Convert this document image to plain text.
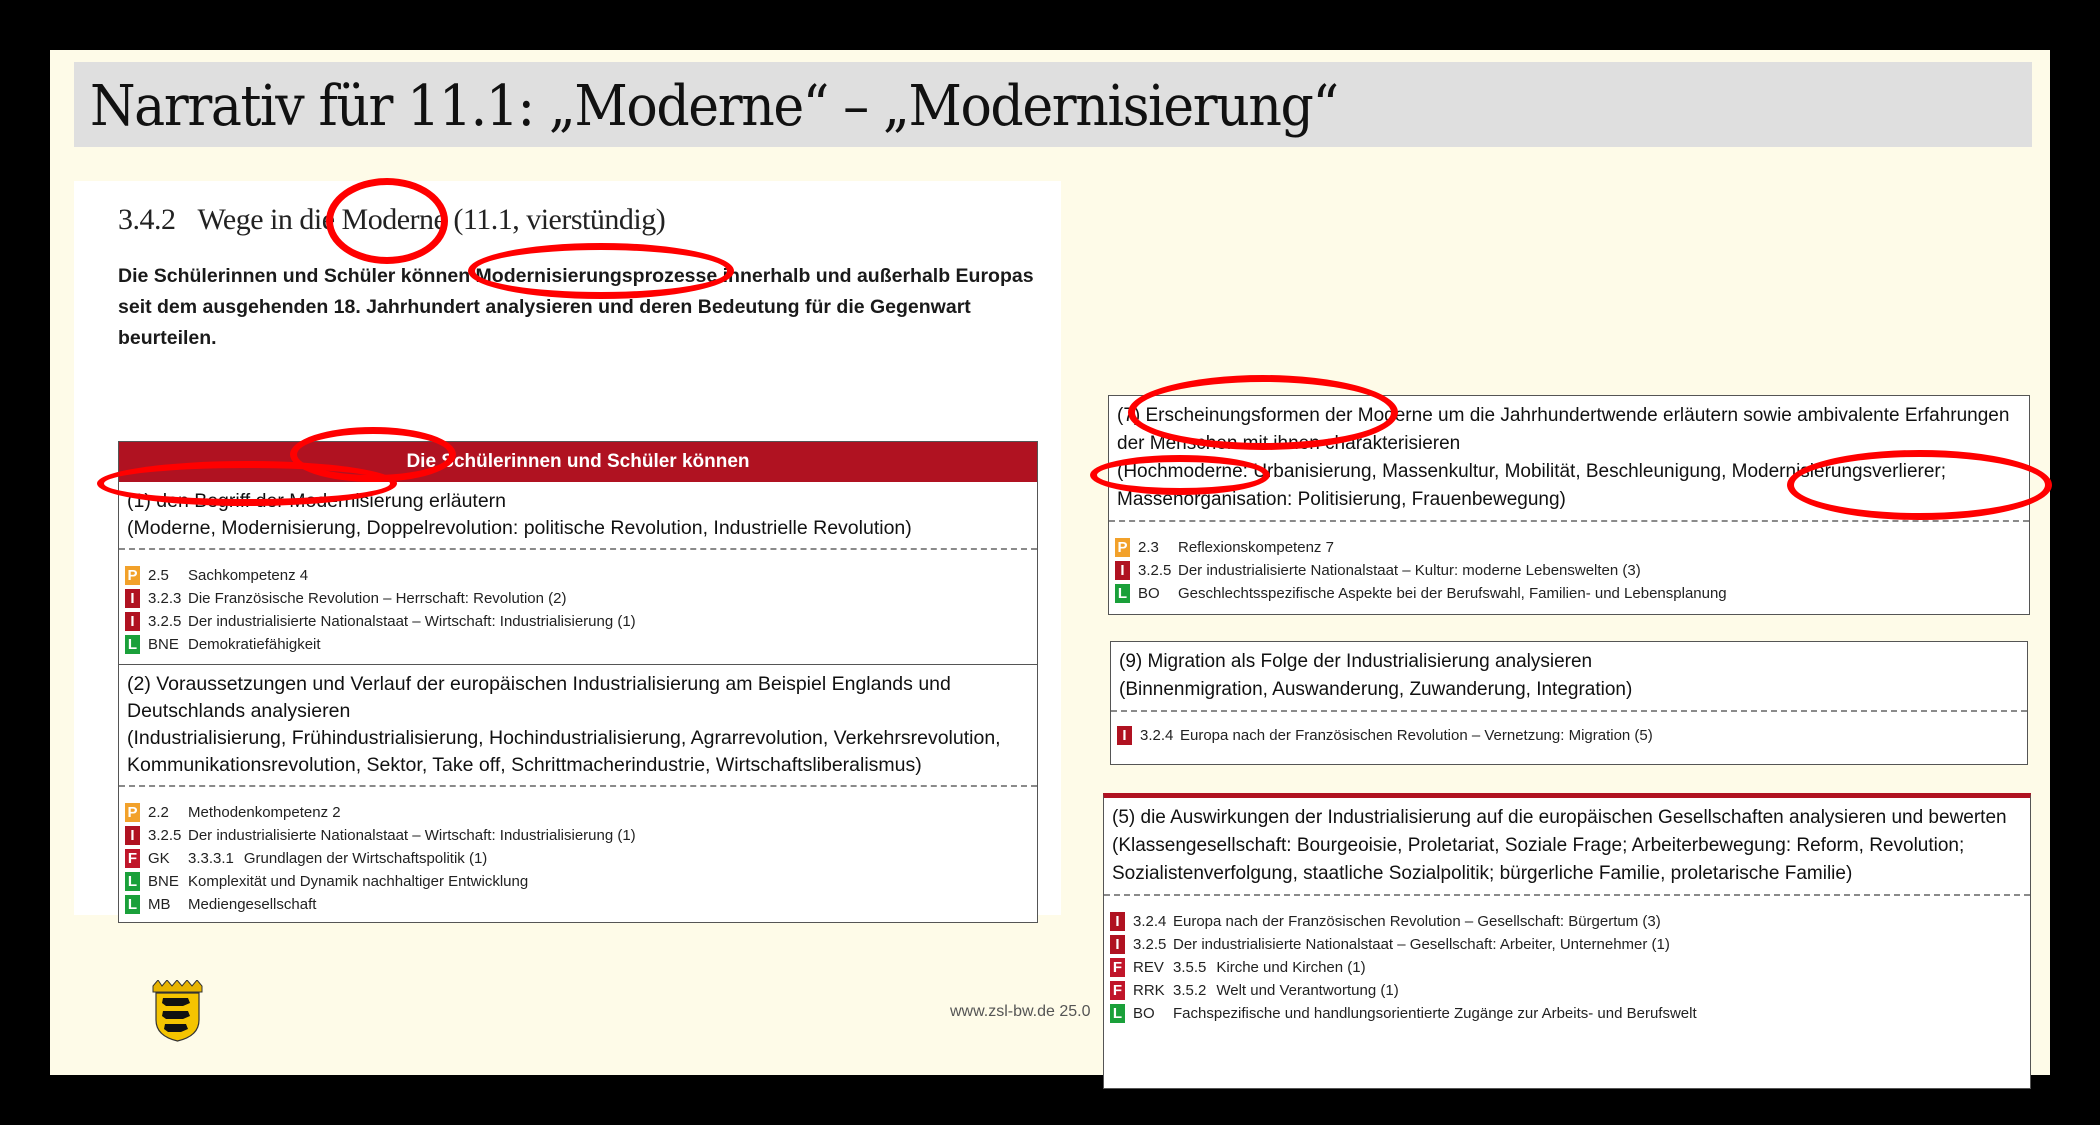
Narrativ für 11.1: „Moderne“ – „Modernisierung“
3.4.2 Wege in die Moderne (11.1, vierstündig)
Die Schülerinnen und Schüler können Modernisierungsprozesse innerhalb und außerhalb Europas seit dem ausgehenden 18. Jahrhundert analysieren und deren Bedeutung für die Gegenwart beurteilen.
Die Schülerinnen und Schüler können
(1) den Begriff der Modernisierung erläutern
(Moderne, Modernisierung, Doppelrevolution: politische Revolution, Industrielle Revolution)
P 2.5	Sachkompetenz 4
I 3.2.3 Die Französische Revolution – Herrschaft: Revolution (2)
I 3.2.5 Der industrialisierte Nationalstaat – Wirtschaft: Industrialisierung (1)
L BNE Demokratiefähigkeit
(2) Voraussetzungen und Verlauf der europäischen Industrialisierung am Beispiel Englands und Deutschlands analysieren
(Industrialisierung, Frühindustrialisierung, Hochindustrialisierung, Agrarrevolution, Verkehrsrevolution, Kommunikationsrevolution, Sektor, Take off, Schrittmacherindustrie, Wirtschaftsliberalismus)
P 2.2	Methodenkompetenz 2
I 3.2.5 Der industrialisierte Nationalstaat – Wirtschaft: Industrialisierung (1)
F GK	3.3.3.1 Grundlagen der Wirtschaftspolitik (1)
L BNE Komplexität und Dynamik nachhaltiger Entwicklung
L MB	Mediengesellschaft
(7) Erscheinungsformen der Moderne um die Jahrhundertwende erläutern sowie ambivalente Erfahrungen der Menschen mit ihnen charakterisieren
(Hochmoderne: Urbanisierung, Massenkultur, Mobilität, Beschleunigung, Modernisierungsverlierer; Massenorganisation: Politisierung, Frauenbewegung)
P 2.3	Reflexionskompetenz 7
I 3.2.5 Der industrialisierte Nationalstaat – Kultur: moderne Lebenswelten (3)
L BO	Geschlechtsspezifische Aspekte bei der Berufswahl, Familien- und Lebensplanung
(9) Migration als Folge der Industrialisierung analysieren
(Binnenmigration, Auswanderung, Zuwanderung, Integration)
I 3.2.4 Europa nach der Französischen Revolution – Vernetzung: Migration (5)
(5) die Auswirkungen der Industrialisierung auf die europäischen Gesellschaften analysieren und bewerten
(Klassengesellschaft: Bourgeoisie, Proletariat, Soziale Frage; Arbeiterbewegung: Reform, Revolution; Sozialistenverfolgung, staatliche Sozialpolitik; bürgerliche Familie, proletarische Familie)
I 3.2.4 Europa nach der Französischen Revolution – Gesellschaft: Bürgertum (3)
I 3.2.5 Der industrialisierte Nationalstaat – Gesellschaft: Arbeiter, Unternehmer (1)
F REV 3.5.5 Kirche und Kirchen (1)
F RRK 3.5.2 Welt und Verantwortung (1)
L BO	Fachspezifische und handlungsorientierte Zugänge zur Arbeits- und Berufswelt
www.zsl-bw.de 25.0
